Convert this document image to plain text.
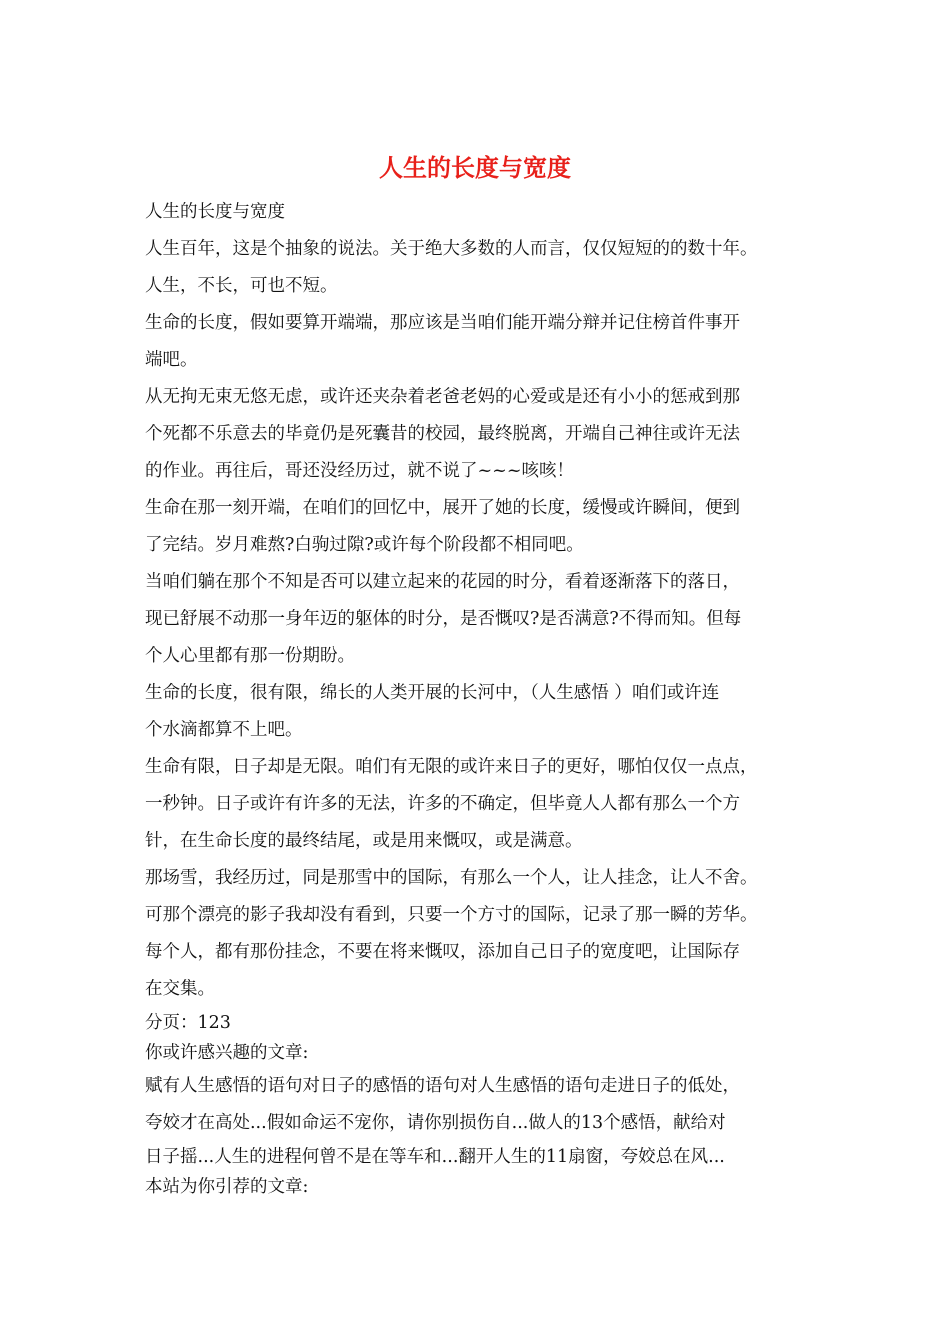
人生的长度与宽度
人生的长度与宽度
人生百年，这是个抽象的说法。关于绝大多数的人而言，仅仅短短的的数十年。
人生，不长，可也不短。
生命的长度，假如要算开端端，那应该是当咱们能开端分辩并记住榜首件事开
端吧。
从无拘无束无悠无虑，或许还夹杂着老爸老妈的心爱或是还有小小的惩戒到那
个死都不乐意去的毕竟仍是死囊昔的校园，最终脱离，开端自己神往或许无法
的作业。再往后，哥还没经历过，就不说了~~~咳咳！
生命在那一刻开端，在咱们的回忆中，展开了她的长度，缓慢或许瞬间，便到
了完结。岁月难熬?白驹过隙?或许每个阶段都不相同吧。
当咱们躺在那个不知是否可以建立起来的花园的时分，看着逐渐落下的落日，
现已舒展不动那一身年迈的躯体的时分，是否慨叹?是否满意?不得而知。但每
个人心里都有那一份期盼。
生命的长度，很有限，绵长的人类开展的长河中，（人生感悟 ）咱们或许连
个水滴都算不上吧。
生命有限，日子却是无限。咱们有无限的或许来日子的更好，哪怕仅仅一点点，
一秒钟。日子或许有许多的无法，许多的不确定，但毕竟人人都有那么一个方
针，在生命长度的最终结尾，或是用来慨叹，或是满意。
那场雪，我经历过，同是那雪中的国际，有那么一个人，让人挂念，让人不舍。
可那个漂亮的影子我却没有看到，只要一个方寸的国际，记录了那一瞬的芳华。
每个人，都有那份挂念，不要在将来慨叹，添加自己日子的宽度吧，让国际存
在交集。
分页：123
你或许感兴趣的文章:
赋有人生感悟的语句对日子的感悟的语句对人生感悟的语句走进日子的低处，
夸姣才在高处...假如命运不宠你，请你别损伤自...做人的13个感悟，献给对
日子摇...人生的进程何曾不是在等车和...翻开人生的11扇窗，夸姣总在风...
本站为你引荐的文章:
